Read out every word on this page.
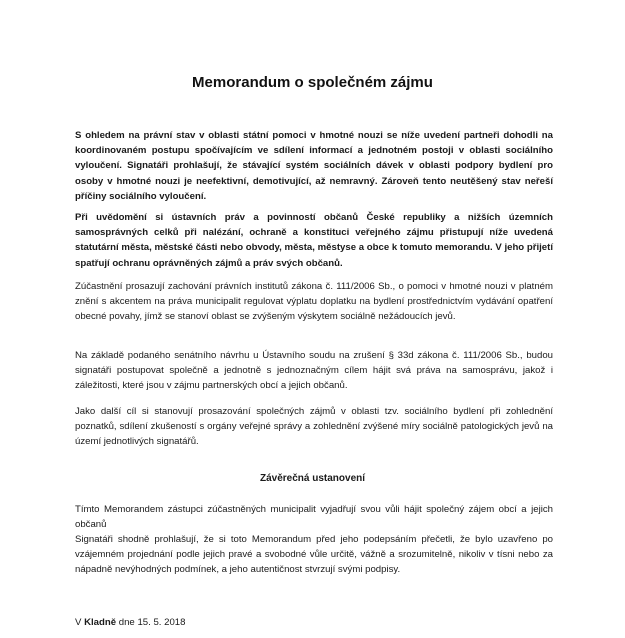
Memorandum o společném zájmu

S ohledem na právní stav v oblasti státní pomoci v hmotné nouzi se níže uvedení partneři dohodli na koordinovaném postupu spočívajícím ve sdílení informací a jednotném postoji v oblasti sociálního vyloučení. Signatáři prohlašují, že stávající systém sociálních dávek v oblasti podpory bydlení pro osoby v hmotné nouzi je neefektivní, demotivující, až nemravný. Zároveň tento neutěšený stav neřeší příčiny sociálního vyloučení.

Při uvědomění si ústavních práv a povinností občanů České republiky a nižších územních samosprávných celků při nalézání, ochraně a konstituci veřejného zájmu přistupují níže uvedená statutární města, městské části nebo obvody, města, městyse a obce k tomuto memorandu. V jeho přijetí spatřují ochranu oprávněných zájmů a práv svých občanů.

Zúčastnění prosazují zachování právních institutů zákona č. 111/2006 Sb., o pomoci v hmotné nouzi v platném znění s akcentem na práva municipalit regulovat výplatu doplatku na bydlení prostřednictvím vydávání opatření obecné povahy, jímž se stanoví oblast se zvýšeným výskytem sociálně nežádoucích jevů.

Na základě podaného senátního návrhu u Ústavního soudu na zrušení § 33d zákona č. 111/2006 Sb., budou signatáři postupovat společně a jednotně s jednoznačným cílem hájit svá práva na samosprávu, jakož i záležitosti, které jsou v zájmu partnerských obcí a jejich občanů.

Jako další cíl si stanovují prosazování společných zájmů v oblasti tzv. sociálního bydlení při zohlednění poznatků, sdílení zkušeností s orgány veřejné správy a zohlednění zvýšené míry sociálně patologických jevů na území jednotlivých signatářů.

Závěrečná ustanovení

Tímto Memorandem zástupci zúčastněných municipalit vyjadřují svou vůli hájit společný zájem obcí a jejich občanů

Signatáři shodně prohlašují, že si toto Memorandum před jeho podepsáním přečetli, že bylo uzavřeno po vzájemném projednání podle jejich pravé a svobodné vůle určitě, vážně a srozumitelně, nikoliv v tísni nebo za nápadně nevýhodných podmínek, a jeho autentičnost stvrzují svými podpisy.

V Kladně dne 15. 5. 2018
